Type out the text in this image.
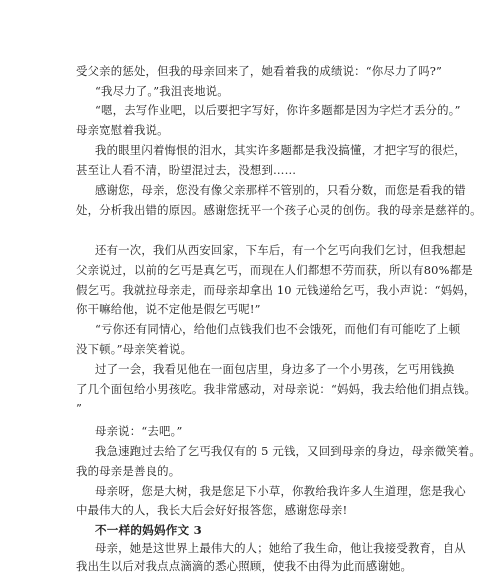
受父亲的惩处，但我的母亲回来了，她看着我的成绩说：“你尽力了吗?”
“我尽力了。”我沮丧地说。
“嗯，去写作业吧，以后要把字写好，你许多题都是因为字烂才丢分的。”
母亲宽慰着我说。
我的眼里闪着悔恨的泪水，其实许多题都是我没搞懂，才把字写的很烂，
甚至让人看不清，盼望混过去，没想到……
感谢您，母亲，您没有像父亲那样不管别的，只看分数，而您是看我的错
处，分析我出错的原因。感谢您抚平一个孩子心灵的创伤。我的母亲是慈祥的。
还有一次，我们从西安回家，下车后，有一个乞丐向我们乞讨，但我想起
父亲说过，以前的乞丐是真乞丐，而现在人们都想不劳而获，所以有80%都是
假乞丐。我就拉母亲走，而母亲却拿出 10 元钱递给乞丐，我小声说：“妈妈，
你干嘛给他，说不定他是假乞丐呢!”
“亏你还有同情心，给他们点钱我们也不会饿死，而他们有可能吃了上顿
没下顿。”母亲笑着说。
过了一会，我看见他在一面包店里，身边多了一个小男孩，乞丐用钱换
了几个面包给小男孩吃。我非常感动，对母亲说：“妈妈，我去给他们捐点钱。
”
母亲说：“去吧。”
我急速跑过去给了乞丐我仅有的 5 元钱，又回到母亲的身边，母亲微笑着。
我的母亲是善良的。
母亲呀，您是大树，我是您足下小草，你教给我许多人生道理，您是我心
中最伟大的人，我长大后会好好报答您，感谢您母亲!
不一样的妈妈作文 3
母亲，她是这世界上最伟大的人；她给了我生命，他让我接受教育，自从
我出生以后对我点点滴滴的悉心照顾，使我不由得为此而感谢她。
